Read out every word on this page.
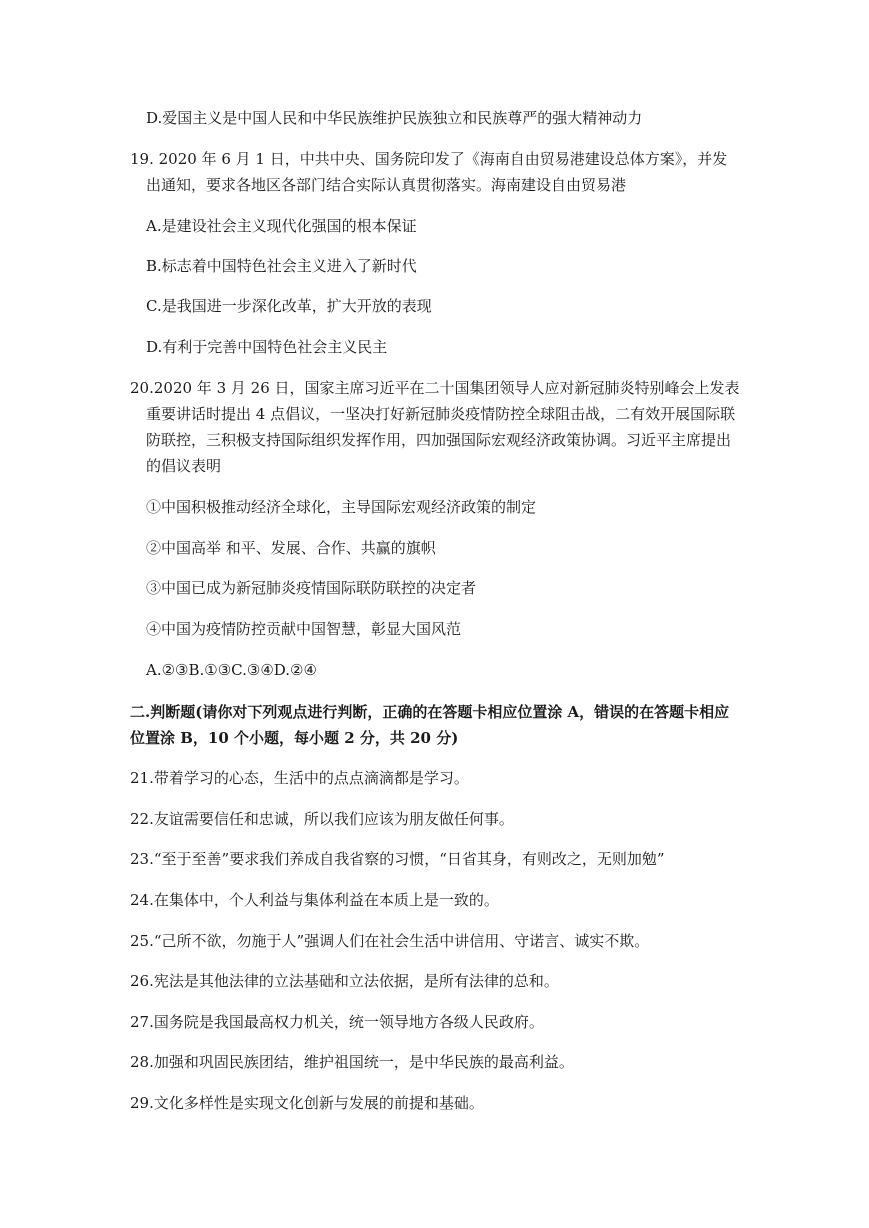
D.爱国主义是中国人民和中华民族维护民族独立和民族尊严的强大精神动力
19. 2020 年 6 月 1 日，中共中央、国务院印发了《海南自由贸易港建设总体方案》，并发
出通知，要求各地区各部门结合实际认真贯彻落实。海南建设自由贸易港
A.是建设社会主义现代化强国的根本保证
B.标志着中国特色社会主义进入了新时代
C.是我国进一步深化改革，扩大开放的表现
D.有利于完善中国特色社会主义民主
20.2020 年 3 月 26 日，国家主席习近平在二十国集团领导人应对新冠肺炎特别峰会上发表
重要讲话时提出 4 点倡议，一坚决打好新冠肺炎疫情防控全球阻击战，二有效开展国际联
防联控，三积极支持国际组织发挥作用，四加强国际宏观经济政策协调。习近平主席提出
的倡议表明
①中国积极推动经济全球化，主导国际宏观经济政策的制定
②中国高举 和平、发展、合作、共赢的旗帜
③中国已成为新冠肺炎疫情国际联防联控的决定者
④中国为疫情防控贡献中国智慧，彰显大国风范
A.②③B.①③C.③④D.②④
二.判断题(请你对下列观点进行判断，正确的在答题卡相应位置涂 A，错误的在答题卡相应
位置涂 B，10 个小题，每小题 2 分，共 20 分)
21.带着学习的心态，生活中的点点滴滴都是学习。
22.友谊需要信任和忠诚，所以我们应该为朋友做任何事。
23.“至于至善”要求我们养成自我省察的习惯，“日省其身，有则改之，无则加勉”
24.在集体中，个人利益与集体利益在本质上是一致的。
25.“己所不欲，勿施于人”强调人们在社会生活中讲信用、守诺言、诚实不欺。
26.宪法是其他法律的立法基础和立法依据，是所有法律的总和。
27.国务院是我国最高权力机关，统一领导地方各级人民政府。
28.加强和巩固民族团结，维护祖国统一，是中华民族的最高利益。
29.文化多样性是实现文化创新与发展的前提和基础。
